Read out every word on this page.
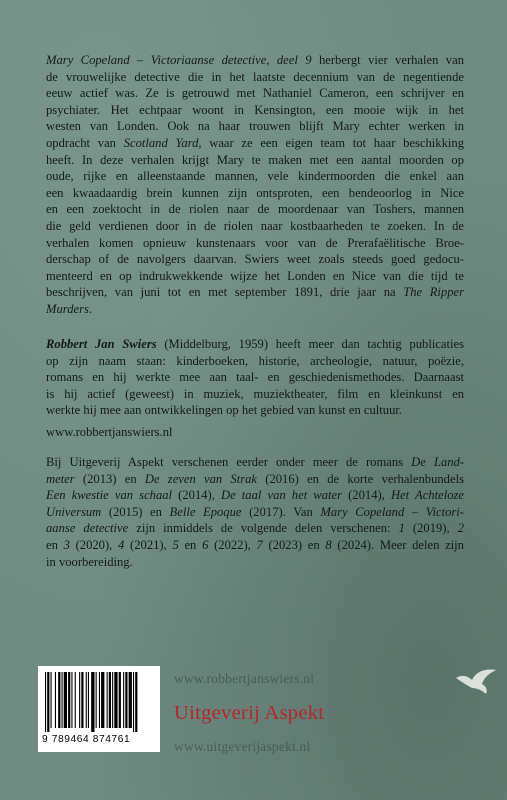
Mary Copeland – Victoriaanse detective, deel 9 herbergt vier verhalen van
de vrouwelijke detective die in het laatste decennium van de negentiende
eeuw actief was. Ze is getrouwd met Nathaniel Cameron, een schrijver en
psychiater. Het echtpaar woont in Kensington, een mooie wijk in het
westen van Londen. Ook na haar trouwen blijft Mary echter werken in
opdracht van Scotland Yard, waar ze een eigen team tot haar beschikking
heeft. In deze verhalen krijgt Mary te maken met een aantal moorden op
oude, rijke en alleenstaande mannen, vele kindermoorden die enkel aan
een kwaadaardig brein kunnen zijn ontsproten, een bendeoorlog in Nice
en een zoektocht in de riolen naar de moordenaar van Toshers, mannen
die geld verdienen door in de riolen naar kostbaarheden te zoeken. In de
verhalen komen opnieuw kunstenaars voor van de Prerafaëlitische Broe-
derschap of de navolgers daarvan. Swiers weet zoals steeds goed gedocu-
menteerd en op indrukwekkende wijze het Londen en Nice van die tijd te
beschrijven, van juni tot en met september 1891, drie jaar na The Ripper
Murders.
Robbert Jan Swiers (Middelburg, 1959) heeft meer dan tachtig publicaties
op zijn naam staan: kinderboeken, historie, archeologie, natuur, poëzie,
romans en hij werkte mee aan taal- en geschiedenismethodes. Daarnaast
is hij actief (geweest) in muziek, muziektheater, film en kleinkunst en
werkte hij mee aan ontwikkelingen op het gebied van kunst en cultuur.
www.robbertjanswiers.nl
Bij Uitgeverij Aspekt verschenen eerder onder meer de romans De Land-
meter (2013) en De zeven van Strak (2016) en de korte verhalenbundels
Een kwestie van schaal (2014), De taal van het water (2014), Het Achteloze
Universum (2015) en Belle Epoque (2017). Van Mary Copeland – Victori-
aanse detective zijn inmiddels de volgende delen verschenen: 1 (2019), 2
en 3 (2020), 4 (2021), 5 en 6 (2022), 7 (2023) en 8 (2024). Meer delen zijn
in voorbereiding.
9 789464 874761
www.robbertjanswiers.nl
Uitgeverij Aspekt
www.uitgeverijaspekt.nl
